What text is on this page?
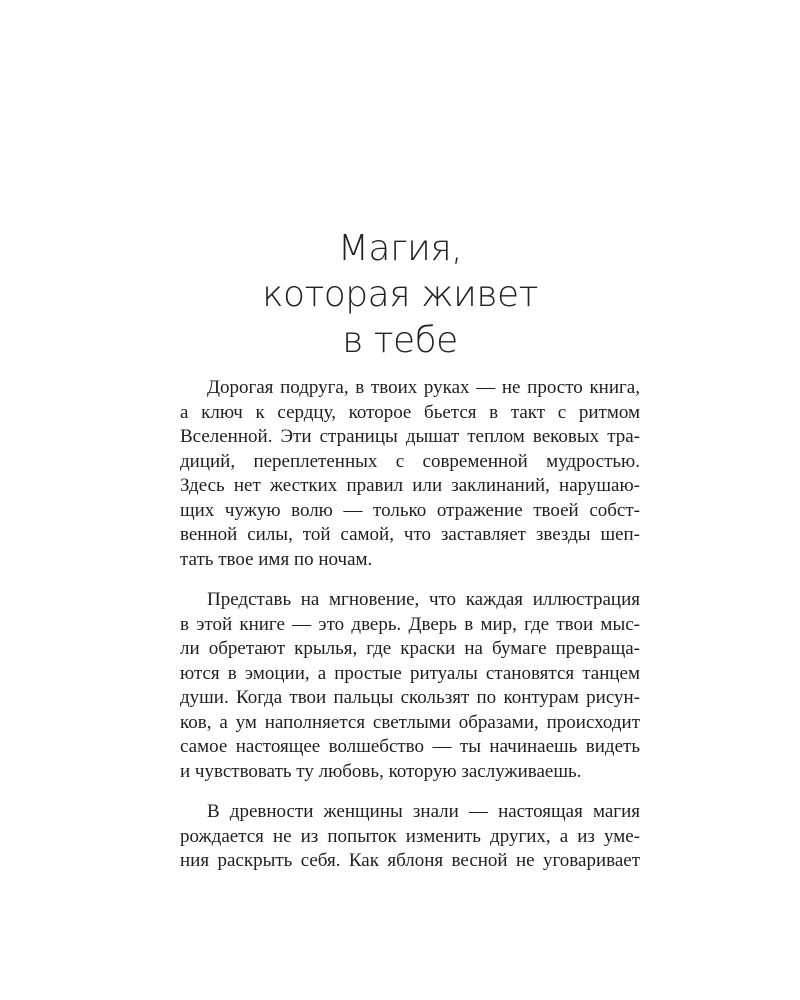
Магия,
которая живет
в тебе
Дорогая подруга, в твоих руках — не просто книга,
а ключ к сердцу, которое бьется в такт с ритмом
Вселенной. Эти страницы дышат теплом вековых тра-
диций, переплетенных с современной мудростью.
Здесь нет жестких правил или заклинаний, нарушаю-
щих чужую волю — только отражение твоей собст-
венной силы, той самой, что заставляет звезды шеп-
тать твое имя по ночам.
Представь на мгновение, что каждая иллюстрация
в этой книге — это дверь. Дверь в мир, где твои мыс-
ли обретают крылья, где краски на бумаге превраща-
ются в эмоции, а простые ритуалы становятся танцем
души. Когда твои пальцы скользят по контурам рисун-
ков, а ум наполняется светлыми образами, происходит
самое настоящее волшебство — ты начинаешь видеть
и чувствовать ту любовь, которую заслуживаешь.
В древности женщины знали — настоящая магия
рождается не из попыток изменить других, а из уме-
ния раскрыть себя. Как яблоня весной не уговаривает
